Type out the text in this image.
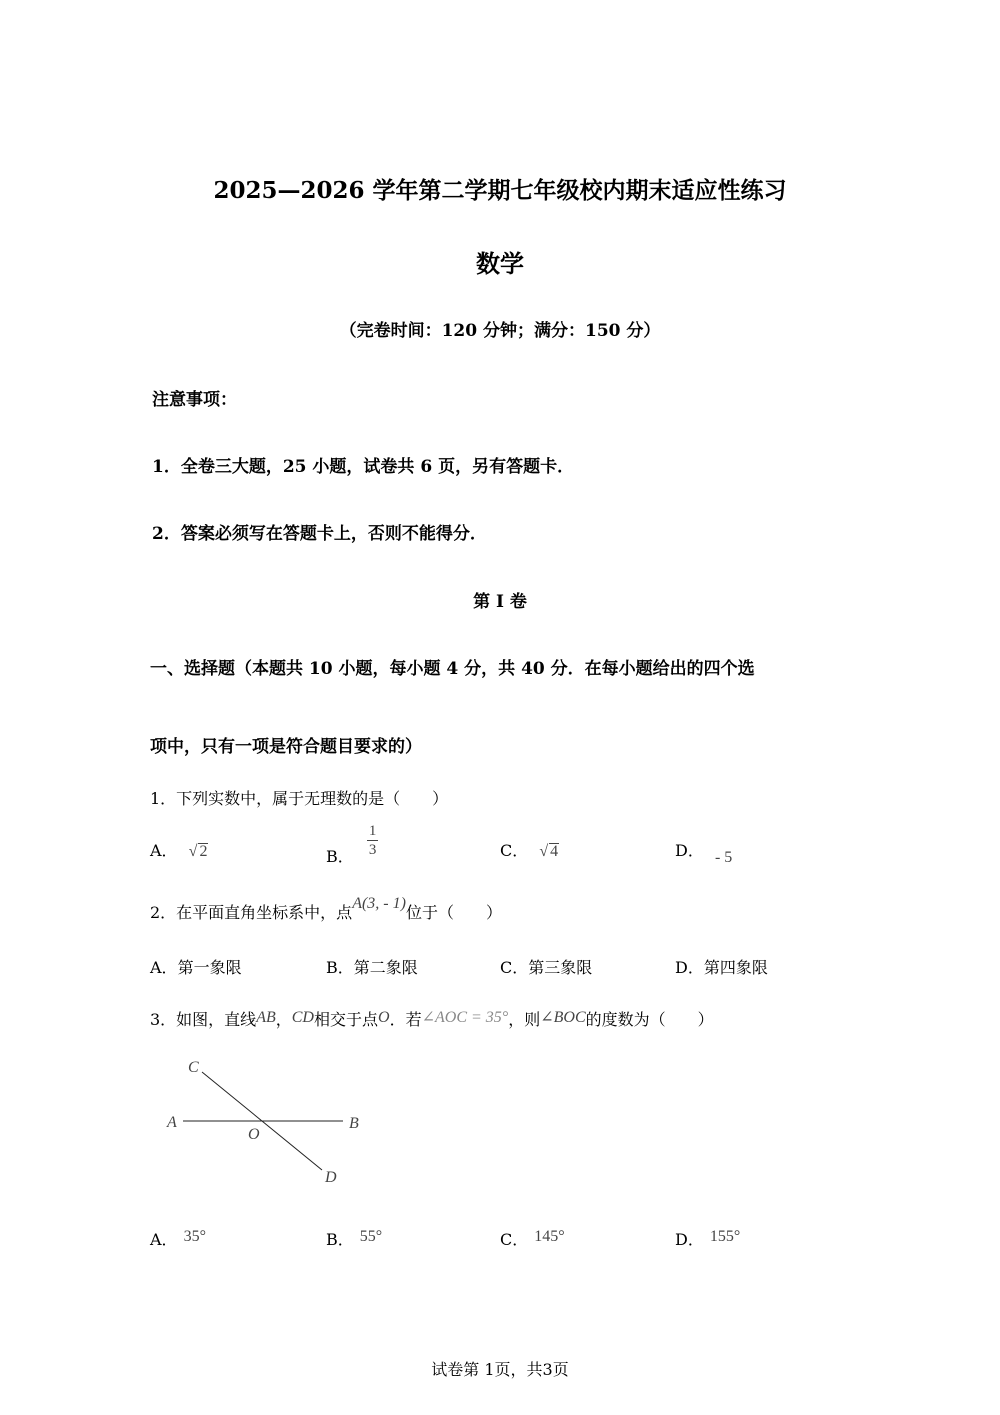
2025—2026 学年第二学期七年级校内期末适应性练习
数学
（完卷时间：120 分钟；满分：150 分）
注意事项：
1．全卷三大题，25 小题，试卷共 6 页，另有答题卡．
2．答案必须写在答题卡上，否则不能得分．
第 I 卷
一、选择题（本题共 10 小题，每小题 4 分，共 40 分．在每小题给出的四个选
项中，只有一项是符合题目要求的）
1．下列实数中，属于无理数的是（　　）
A． √ 2	B． $\frac{1}{3}$	C． √ 4	D． - 5
2．在平面直角坐标系中，点A(3, - 1)位于（　　）
A．第一象限	B．第二象限	C．第三象限	D．第四象限
3．如图，直线AB，CD相交于点O．若∠AOC = 35°，则∠BOC的度数为（　　）
C
A
O
B
D
A． 35°	B． 55°	C． 145°	D． 155°
试卷第 1页，共3页
